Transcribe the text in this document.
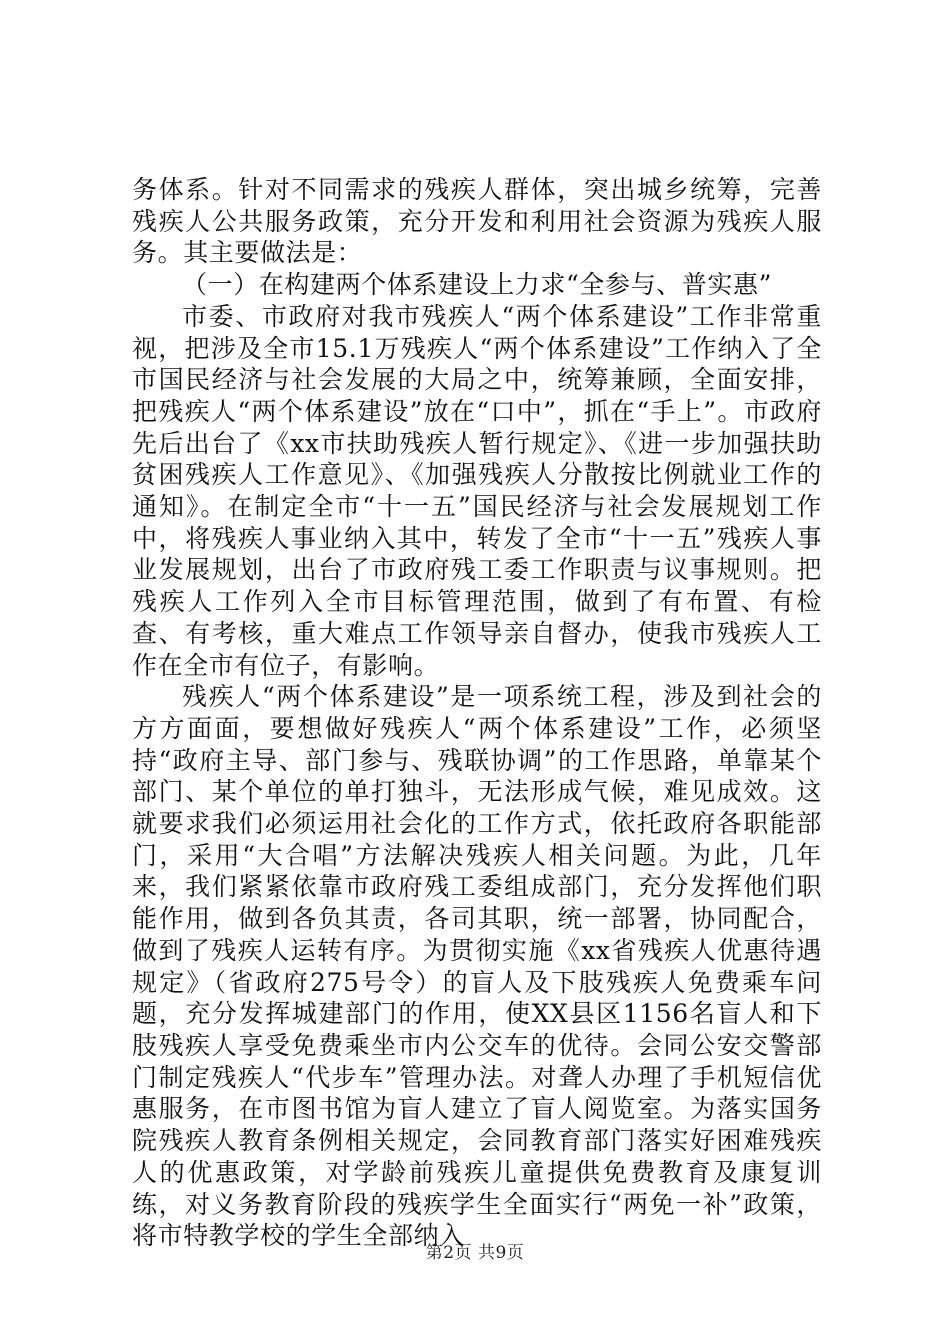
务体系。针对不同需求的残疾人群体，突出城乡统筹，完善残疾人公共服务政策，充分开发和利用社会资源为残疾人服务。其主要做法是：

（一）在构建两个体系建设上力求“全参与、普实惠”

市委、市政府对我市残疾人“两个体系建设”工作非常重视，把涉及全市15.1万残疾人“两个体系建设”工作纳入了全市国民经济与社会发展的大局之中，统筹兼顾，全面安排，把残疾人“两个体系建设”放在“口中”，抓在“手上”。市政府先后出台了《xx市扶助残疾人暂行规定》、《进一步加强扶助贫困残疾人工作意见》、《加强残疾人分散按比例就业工作的通知》。在制定全市“十一五”国民经济与社会发展规划工作中，将残疾人事业纳入其中，转发了全市“十一五”残疾人事业发展规划，出台了市政府残工委工作职责与议事规则。把残疾人工作列入全市目标管理范围，做到了有布置、有检查、有考核，重大难点工作领导亲自督办，使我市残疾人工作在全市有位子，有影响。

残疾人“两个体系建设”是一项系统工程，涉及到社会的方方面面，要想做好残疾人“两个体系建设”工作，必须坚持“政府主导、部门参与、残联协调”的工作思路，单靠某个部门、某个单位的单打独斗，无法形成气候，难见成效。这就要求我们必须运用社会化的工作方式，依托政府各职能部门，采用“大合唱”方法解决残疾人相关问题。为此，几年来，我们紧紧依靠市政府残工委组成部门，充分发挥他们职能作用，做到各负其责，各司其职，统一部署，协同配合，做到了残疾人运转有序。为贯彻实施《xx省残疾人优惠待遇规定》（省政府275号令）的盲人及下肢残疾人免费乘车问题，充分发挥城建部门的作用，使XX县区1156名盲人和下肢残疾人享受免费乘坐市内公交车的优待。会同公安交警部门制定残疾人“代步车”管理办法。对聋人办理了手机短信优惠服务，在市图书馆为盲人建立了盲人阅览室。为落实国务院残疾人教育条例相关规定，会同教育部门落实好困难残疾人的优惠政策，对学龄前残疾儿童提供免费教育及康复训练，对义务教育阶段的残疾学生全面实行“两免一补”政策，将市特教学校的学生全部纳入

第2页 共9页
